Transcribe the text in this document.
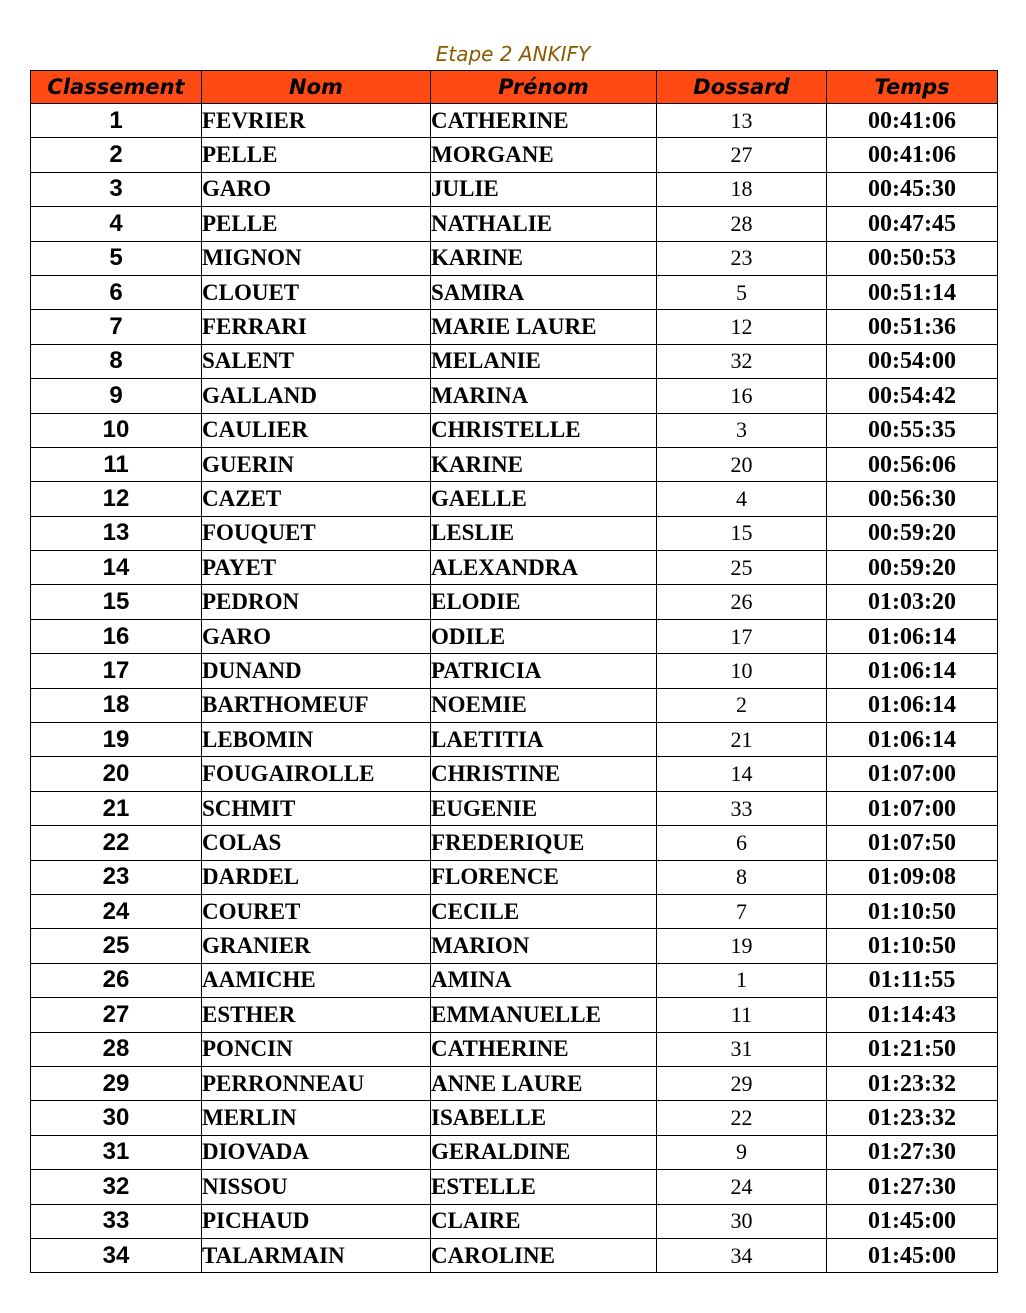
Etape 2 ANKIFY
Classement	Nom	Prénom	Dossard	Temps
1	FEVRIER	CATHERINE	13	00:41:06
2	PELLE	MORGANE	27	00:41:06
3	GARO	JULIE	18	00:45:30
4	PELLE	NATHALIE	28	00:47:45
5	MIGNON	KARINE	23	00:50:53
6	CLOUET	SAMIRA	5	00:51:14
7	FERRARI	MARIE LAURE	12	00:51:36
8	SALENT	MELANIE	32	00:54:00
9	GALLAND	MARINA	16	00:54:42
10	CAULIER	CHRISTELLE	3	00:55:35
11	GUERIN	KARINE	20	00:56:06
12	CAZET	GAELLE	4	00:56:30
13	FOUQUET	LESLIE	15	00:59:20
14	PAYET	ALEXANDRA	25	00:59:20
15	PEDRON	ELODIE	26	01:03:20
16	GARO	ODILE	17	01:06:14
17	DUNAND	PATRICIA	10	01:06:14
18	BARTHOMEUF	NOEMIE	2	01:06:14
19	LEBOMIN	LAETITIA	21	01:06:14
20	FOUGAIROLLE	CHRISTINE	14	01:07:00
21	SCHMIT	EUGENIE	33	01:07:00
22	COLAS	FREDERIQUE	6	01:07:50
23	DARDEL	FLORENCE	8	01:09:08
24	COURET	CECILE	7	01:10:50
25	GRANIER	MARION	19	01:10:50
26	AAMICHE	AMINA	1	01:11:55
27	ESTHER	EMMANUELLE	11	01:14:43
28	PONCIN	CATHERINE	31	01:21:50
29	PERRONNEAU	ANNE LAURE	29	01:23:32
30	MERLIN	ISABELLE	22	01:23:32
31	DIOVADA	GERALDINE	9	01:27:30
32	NISSOU	ESTELLE	24	01:27:30
33	PICHAUD	CLAIRE	30	01:45:00
34	TALARMAIN	CAROLINE	34	01:45:00
